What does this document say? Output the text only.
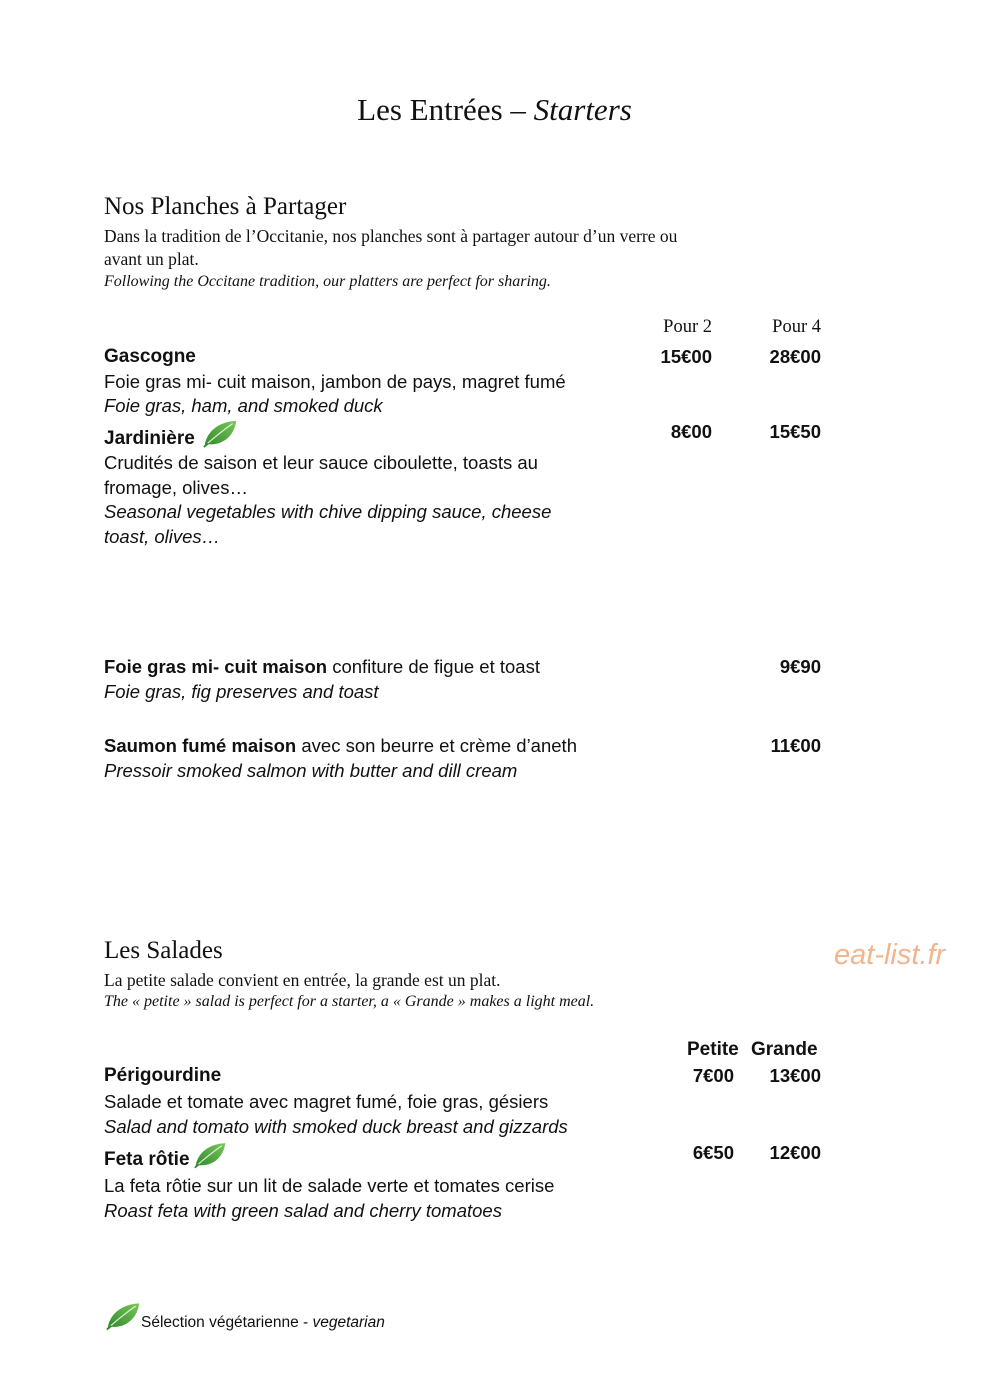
Les Entrées – Starters
Nos Planches à Partager
Dans la tradition de l’Occitanie, nos planches sont à partager autour d’un verre ou
avant un plat.
Following the Occitane tradition, our platters are perfect for sharing.
Pour 2	Pour 4
Gascogne	15€00	28€00
Foie gras mi- cuit maison, jambon de pays, magret fumé
Foie gras, ham, and smoked duck
Jardinière	8€00	15€50
Crudités de saison et leur sauce ciboulette, toasts au
fromage, olives…
Seasonal vegetables with chive dipping sauce, cheese
toast, olives…
Foie gras mi- cuit maison confiture de figue et toast	9€90
Foie gras, fig preserves and toast
Saumon fumé maison avec son beurre et crème d’aneth	11€00
Pressoir smoked salmon with butter and dill cream
Les Salades	eat-list.fr
La petite salade convient en entrée, la grande est un plat.
The « petite » salad is perfect for a starter, a « Grande » makes a light meal.
Petite Grande
Périgourdine	7€00	13€00
Salade et tomate avec magret fumé, foie gras, gésiers
Salad and tomato with smoked duck breast and gizzards
Feta rôtie	6€50	12€00
La feta rôtie sur un lit de salade verte et tomates cerise
Roast feta with green salad and cherry tomatoes
Sélection végétarienne - vegetarian
